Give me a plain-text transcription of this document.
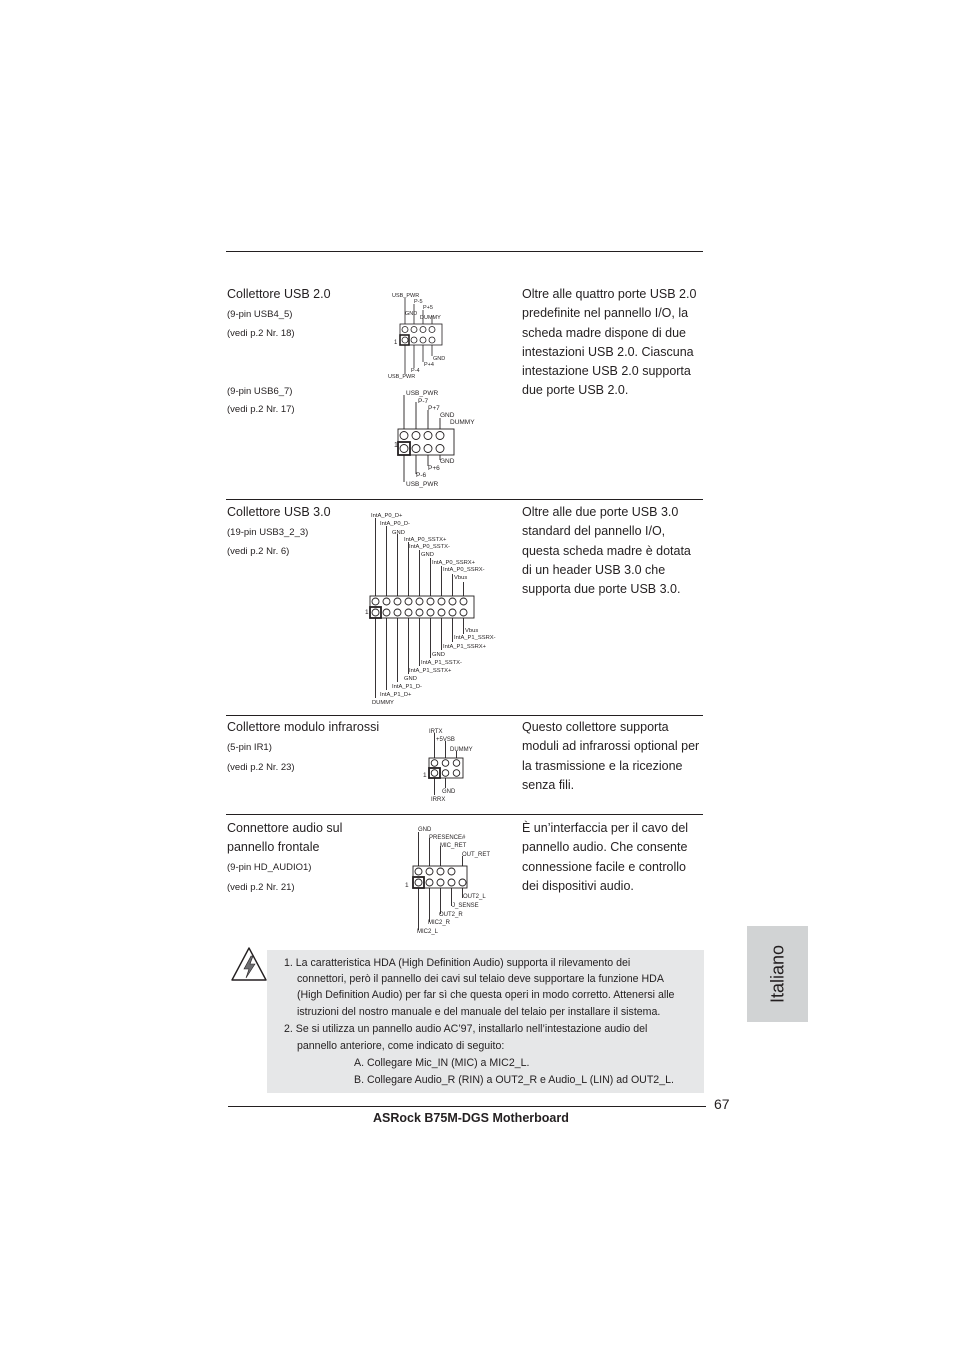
Collettore USB 2.0
(9-pin USB4_5)
(vedi p.2 Nr. 18)
(9-pin USB6_7)
(vedi p.2 Nr. 17)
Oltre alle quattro porte USB 2.0
predefinite nel pannello I/O, la
scheda madre dispone di due
intestazioni USB 2.0. Ciascuna
intestazione USB 2.0 supporta
due porte USB 2.0.
USB_PWR
P-5
P+5
GND
DUMMY
GND
P+4
P-4
USB_PWR
1
USB_PWR
P-7
P+7
GND
DUMMY
GND
P+6
P-6
USB_PWR
1
Collettore USB 3.0
(19-pin USB3_2_3)
(vedi p.2 Nr. 6)
Oltre alle due porte USB 3.0
standard del pannello I/O,
questa scheda madre è dotata
di un header USB 3.0 che
supporta due porte USB 3.0.
IntA_P0_D+
IntA_P0_D-
GND
IntA_P0_SSTX+
IntA_P0_SSTX-
GND
IntA_P0_SSRX+
IntA_P0_SSRX-
Vbus
Vbus
IntA_P1_SSRX-
IntA_P1_SSRX+
GND
IntA_P1_SSTX-
IntA_P1_SSTX+
GND
IntA_P1_D-
IntA_P1_D+
DUMMY
1
Collettore modulo infrarossi
(5-pin IR1)
(vedi p.2 Nr. 23)
Questo collettore supporta
moduli ad infrarossi optional per
la trasmissione e la ricezione
senza fili.
IRTX
+5VSB
DUMMY
GND
IRRX
1
Connettore audio sul
pannello frontale
(9-pin HD_AUDIO1)
(vedi p.2 Nr. 21)
È un’interfaccia per il cavo del
pannello audio. Che consente
connessione facile e controllo
dei dispositivi audio.
GND
PRESENCE#
MIC_RET
OUT_RET
OUT2_L
J_SENSE
OUT2_R
MIC2_R
MIC2_L
1
1. La caratteristica HDA (High Definition Audio) supporta il rilevamento dei
connettori, però il pannello dei cavi sul telaio deve supportare la funzione HDA
(High Definition Audio) per far sì che questa operi in modo corretto. Attenersi alle
istruzioni del nostro manuale e del manuale del telaio per installare il sistema.
2. Se si utilizza un pannello audio AC’97, installarlo nell’intestazione audio del
pannello anteriore, come indicato di seguito:
A. Collegare Mic_IN (MIC) a MIC2_L.
B. Collegare Audio_R (RIN) a OUT2_R e Audio_L (LIN) ad OUT2_L.
Italiano
67
ASRock B75M-DGS Motherboard
